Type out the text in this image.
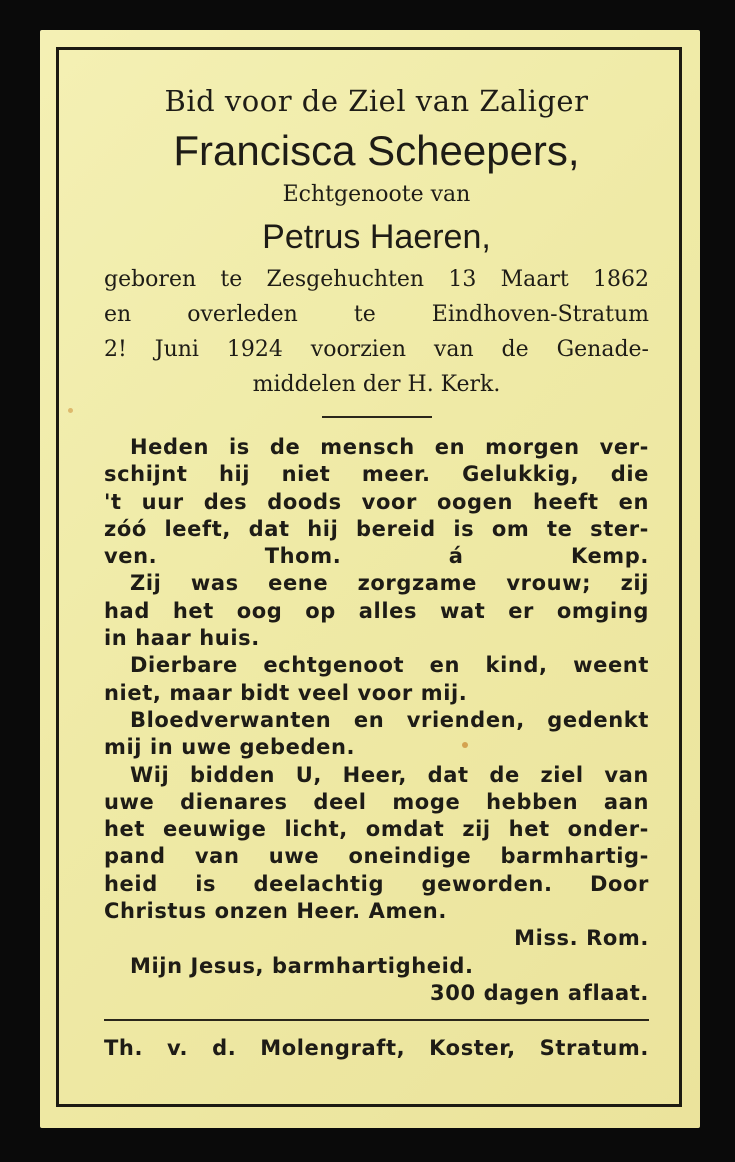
Bid voor de Ziel van Zaliger

Francisca Scheepers,

Echtgenoote van

Petrus Haeren,

geboren te Zesgehuchten 13 Maart 1862

en overleden te Eindhoven-Stratum

2! Juni 1924 voorzien van de Genade-

middelen der H. Kerk.

Heden is de mensch en morgen ver-

schijnt hij niet meer. Gelukkig, die

't uur des doods voor oogen heeft en

zóó leeft, dat hij bereid is om te ster-

ven. Thom. á Kemp.

Zij was eene zorgzame vrouw; zij

had het oog op alles wat er omging

in haar huis.

Dierbare echtgenoot en kind, weent

niet, maar bidt veel voor mij.

Bloedverwanten en vrienden, gedenkt

mij in uwe gebeden.

Wij bidden U, Heer, dat de ziel van

uwe dienares deel moge hebben aan

het eeuwige licht, omdat zij het onder-

pand van uwe oneindige barmhartig-

heid is deelachtig geworden. Door

Christus onzen Heer. Amen.

Miss. Rom.

Mijn Jesus, barmhartigheid.

300 dagen aflaat.

Th. v. d. Molengraft, Koster, Stratum.
